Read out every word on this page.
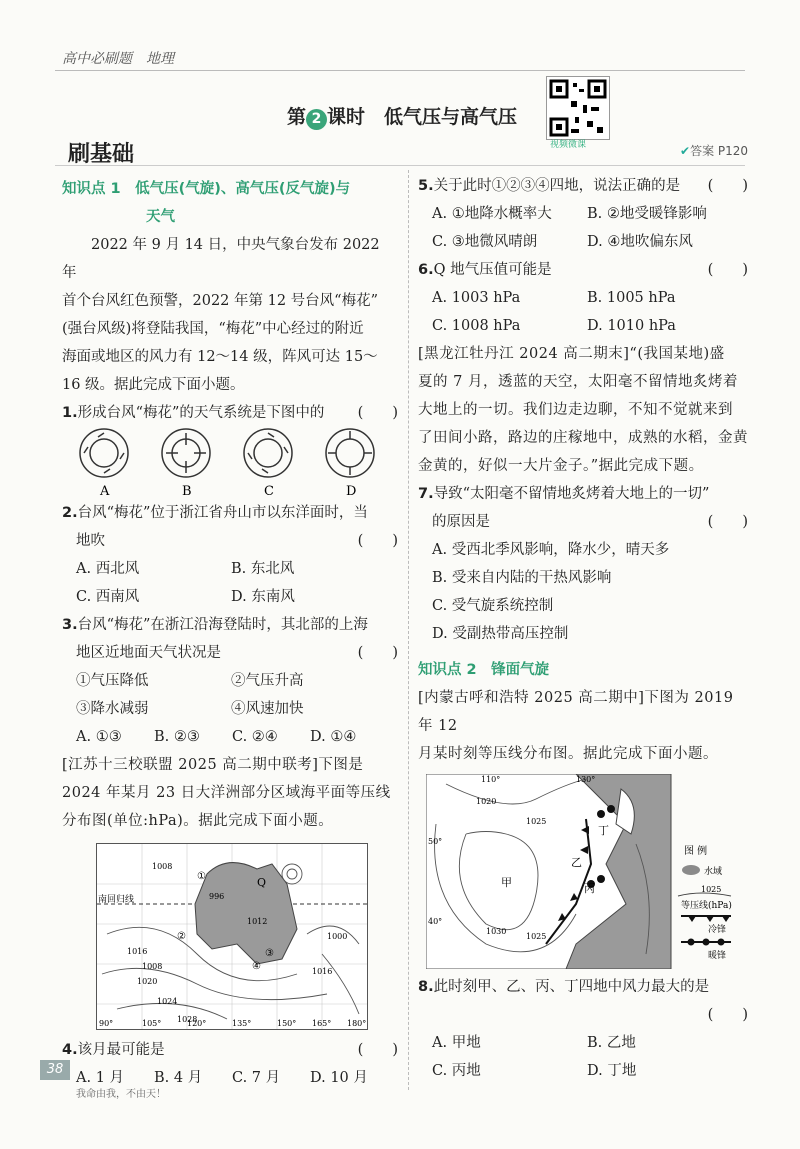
高中必刷题　地理
第 2 课时　低气压与高气压
视频微课
刷基础	✔答案 P120
知识点 1　低气压(气旋)、高气压(反气旋)与
天气
2022 年 9 月 14 日，中央气象台发布 2022 年
首个台风红色预警，2022 年第 12 号台风“梅花”
(强台风级)将登陆我国，“梅花”中心经过的附近
海面或地区的风力有 12～14 级，阵风可达 15～
16 级。据此完成下面小题。
1.形成台风“梅花”的天气系统是下图中的 (　　)
A	B	C	D
2.台风“梅花”位于浙江省舟山市以东洋面时，当
地吹	(　　)
A. 西北风	B. 东北风
C. 西南风	D. 东南风
3.台风“梅花”在浙江沿海登陆时，其北部的上海
地区近地面天气状况是	(　　)
①气压降低	②气压升高
③降水减弱	④风速加快
A. ①③ B. ②③ C. ②④ D. ①④
[江苏十三校联盟 2025 高二期中联考]下图是
2024 年某月 23 日大洋洲部分区域海平面等压线
分布图(单位:hPa)。据此完成下面小题。
南回归线
Q
1008
996
1016
1012
1020
1024
1028
1016
1008
1000
①
②
③
④
90°	105°	120°	135°	150° 165° 180°
4.该月最可能是	(　　)
A. 1 月 B. 4 月 C. 7 月 D. 10 月
5.关于此时①②③④四地，说法正确的是 (　　)
A. ①地降水概率大 B. ②地受暖锋影响
C. ③地微风晴朗	D. ④地吹偏东风
6.Q 地气压值可能是	(　　)
A. 1003 hPa	B. 1005 hPa
C. 1008 hPa	D. 1010 hPa
[黑龙江牡丹江 2024 高二期末]“(我国某地)盛
夏的 7 月，透蓝的天空，太阳毫不留情地炙烤着
大地上的一切。我们边走边聊，不知不觉就来到
了田间小路，路边的庄稼地中，成熟的水稻，金黄
金黄的，好似一大片金子。”据此完成下题。
7.导致“太阳毫不留情地炙烤着大地上的一切”
的原因是	(　　)
A. 受西北季风影响，降水少，晴天多
B. 受来自内陆的干热风影响
C. 受气旋系统控制
D. 受副热带高压控制
知识点 2　锋面气旋
[内蒙古呼和浩特 2025 高二期中]下图为 2019 年 12
月某时刻等压线分布图。据此完成下面小题。
110°	130°
1020
1025
1030
1025
50°
40°
甲
乙
丙
丁
图 例
水域
1025
等压线(hPa)
冷锋
暖锋
8.此时刻甲、乙、丙、丁四地中风力最大的是
(　　)
A. 甲地	B. 乙地
C. 丙地	D. 丁地
38
我命由我，不由天！
